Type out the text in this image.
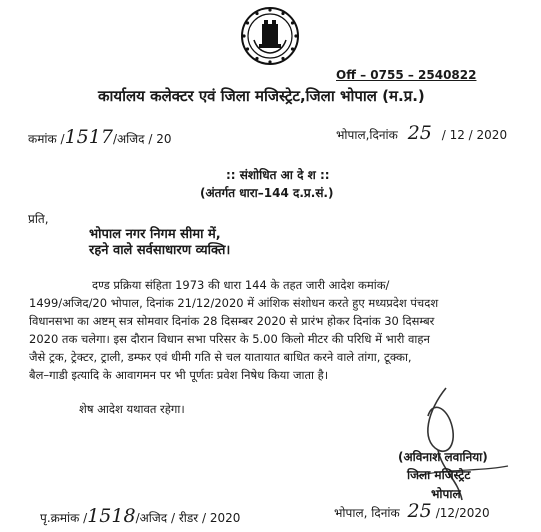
Off – 0755 – 2540822
कार्यालय कलेक्टर एवं जिला मजिस्ट्रेट,जिला भोपाल (म.प्र.)
कमांक /1517/अजिद / 20	भोपाल,दिनांक 25 / 12 / 2020
:: संशोधित आ दे श ::
(अंतर्गत धारा–144 द.प्र.सं.)
प्रति,
भोपाल नगर निगम सीमा में,
रहने वाले सर्वसाधारण व्यक्ति।
दण्ड प्रक्रिया संहिता 1973 की धारा 144 के तहत जारी आदेश कमांक/
1499/अजिद/20 भोपाल, दिनांक 21/12/2020 में आंशिक संशोधन करते हुए मध्यप्रदेश पंचदश
विधानसभा का अष्टम् सत्र सोमवार दिनांक 28 दिसम्बर 2020 से प्रारंभ होकर दिनांक 30 दिसम्बर
2020 तक चलेगा। इस दौरान विधान सभा परिसर के 5.00 किलो मीटर की परिधि में भारी वाहन
जैसे ट्रक, ट्रेक्टर, ट्राली, डम्फर एवं धीमी गति से चल यातायात बाधित करने वाले तांगा, टूक्का,
बैल–गाडी इत्यादि के आवागमन पर भी पूर्णतः प्रवेश निषेध किया जाता है।
शेष आदेश यथावत रहेगा।
(अविनाश लवानिया)
जिला मजिस्ट्रेट
भोपाल
पृ.क्रमांक /1518/अजिद / रीडर / 2020	भोपाल, दिनांक 25 /12/2020
